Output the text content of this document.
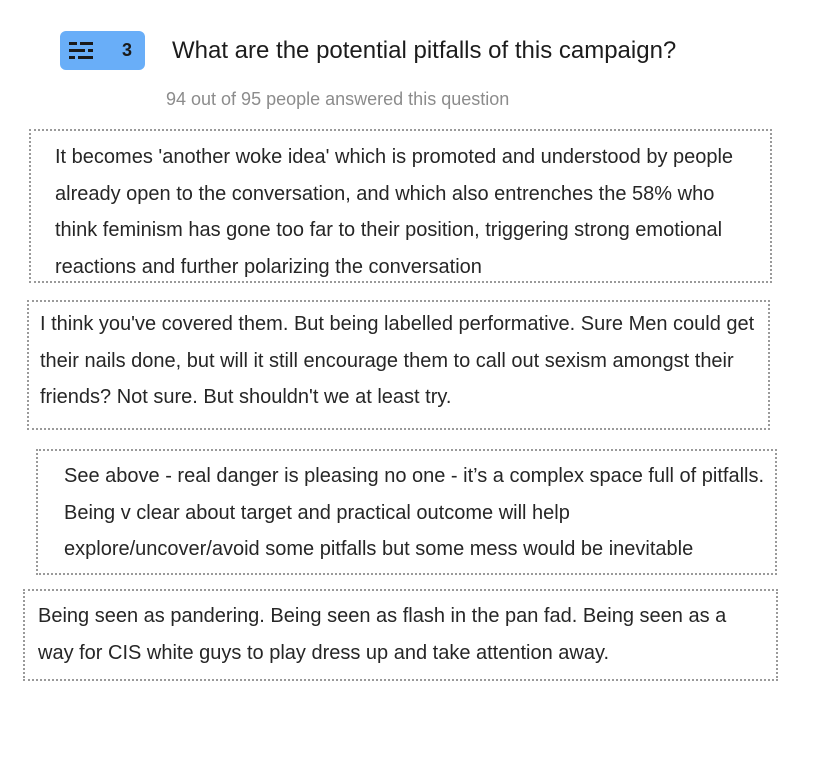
3 What are the potential pitfalls of this campaign?
94 out of 95 people answered this question

It becomes 'another woke idea' which is promoted and understood by people already open to the conversation, and which also entrenches the 58% who think feminism has gone too far to their position, triggering strong emotional reactions and further polarizing the conversation

I think you've covered them. But being labelled performative. Sure Men could get their nails done, but will it still encourage them to call out sexism amongst their friends? Not sure. But shouldn't we at least try.

See above - real danger is pleasing no one - it’s a complex space full of pitfalls. Being v clear about target and practical outcome will help explore/uncover/avoid some pitfalls but some mess would be inevitable

Being seen as pandering. Being seen as flash in the pan fad. Being seen as a way for CIS white guys to play dress up and take attention away.
